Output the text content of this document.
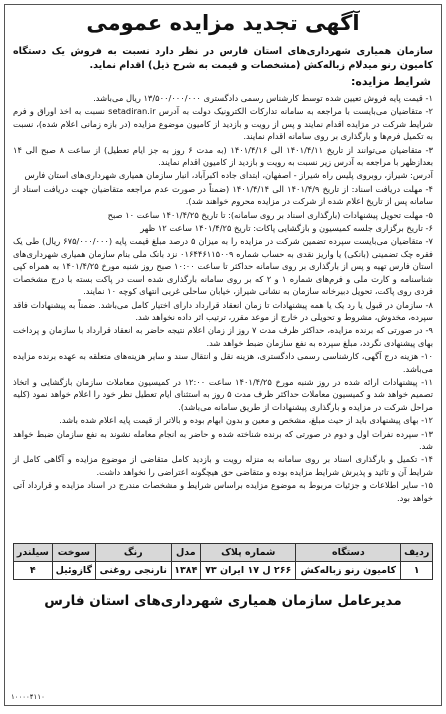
آگهی تجدید مزایده عمومی
سازمان همیاری شهرداری‌های استان فارس در نظر دارد نسبت به فروش یک دستگاه کامیون رنو میدلام زباله‌کش (مشخصات و قیمت به شرح ذیل) اقدام نماید.
شرایط مزایده:

۱- قیمت پایه فروش تعیین شده توسط کارشناس رسمی دادگستری ۱۳/۵۰۰/۰۰۰/۰۰۰ ریال می‌باشد.

۲- متقاضیان می‌بایست با مراجعه به سامانه تدارکات الکترونیک دولت به آدرس setadiran.ir نسبت به اخذ اوراق و فرم شرایط شرکت در مزایده اقدام نمایند و پس از رویت و بازدید از کامیون موضوع مزایده (در بازه زمانی اعلام شده)، نسبت به تکمیل فرم‌ها و بارگذاری بر روی سامانه اقدام نمایند.

۳- متقاضیان می‌توانند از تاریخ ۱۴۰۱/۴/۱۱ الی ۱۴۰۱/۴/۱۶ (به مدت ۶ روز به جز ایام تعطیل) از ساعت ۸ صبح الی ۱۴ بعدازظهر با مراجعه به آدرس زیر نسبت به رویت و بازدید از کامیون اقدام نمایند.

آدرس: شیراز، روبروی پلیس راه شیراز - اصفهان، ابتدای جاده اکبرآباد، انبار سازمان همیاری شهرداری‌های استان فارس

۴- مهلت دریافت اسناد: از تاریخ ۱۴۰۱/۴/۹ الی ۱۴۰۱/۴/۱۴ (ضمناً در صورت عدم مراجعه متقاضیان جهت دریافت اسناد از سامانه پس از تاریخ اعلام شده از شرکت در مزایده محروم خواهند شد).

۵- مهلت تحویل پیشنهادات (بارگذاری اسناد بر روی سامانه): تا تاریخ ۱۴۰۱/۴/۲۵ ساعت ۱۰ صبح

۶- تاریخ برگزاری جلسه کمیسیون و بازگشایی پاکات: تاریخ ۱۴۰۱/۴/۲۵ ساعت ۱۲ ظهر

۷- متقاضیان می‌بایست سپرده تضمین شرکت در مزایده را به میزان ۵ درصد مبلغ قیمت پایه (۶۷۵/۰۰۰/۰۰۰ ریال) طی یک فقره چک تضمینی (بانکی) یا واریز نقدی به حساب شماره ۰۱۶۴۴۶۱۱۵۰۰۹ نزد بانک ملی بنام سازمان همیاری شهرداری‌های استان فارس تهیه و پس از بارگذاری بر روی سامانه حداکثر تا ساعت ۱۰:۰۰ صبح روز شنبه مورخ ۱۴۰۱/۴/۲۵ به همراه کپی شناسنامه و کارت ملی و فرم‌های شماره ۱ و ۲ که بر روی سامانه بارگذاری شده است در پاکت بسته با درج مشخصات فردی روی پاکت، تحویل دبیرخانه سازمان به نشانی شیراز، خیابان ساحلی غربی انتهای کوچه ۱۰ نمایند.

۸- سازمان در قبول یا رد یک یا همه پیشنهادات تا زمان انعقاد قرارداد دارای اختیار کامل می‌باشد. ضمناً به پیشنهادات فاقد سپرده، مخدوش، مشروط و تحویلی در خارج از موعد مقرر، ترتیب اثر داده نخواهد شد.

۹- در صورتی که برنده مزایده، حداکثر ظرف مدت ۷ روز از زمان اعلام نتیجه حاضر به انعقاد قرارداد با سازمان و پرداخت بهای پیشنهادی نگردد، مبلغ سپرده به نفع سازمان ضبط خواهد شد.

۱۰- هزینه درج آگهی، کارشناسی رسمی دادگستری، هزینه نقل و انتقال سند و سایر هزینه‌های متعلقه به عهده برنده مزایده می‌باشد.

۱۱- پیشنهادات ارائه شده در روز شنبه مورخ ۱۴۰۱/۴/۲۵ ساعت ۱۲:۰۰ در کمیسیون معاملات سازمان بازگشایی و اتخاذ تصمیم خواهد شد و کمیسیون معاملات حداکثر ظرف مدت ۵ روز به استثنای ایام تعطیل نظر خود را اعلام خواهد نمود (کلیه مراحل شرکت در مزایده و بارگذاری پیشنهادات از طریق سامانه می‌باشد).

۱۲- بهای پیشنهادی باید از حیث مبلغ، مشخص و معین و بدون ابهام بوده و بالاتر از قیمت پایه اعلام شده باشد.

۱۳- سپرده نفرات اول و دوم در صورتی که برنده شناخته شده و حاضر به انجام معامله نشوند به نفع سازمان ضبط خواهد شد.

۱۴- تکمیل و بارگذاری اسناد بر روی سامانه به منزله رویت و بازدید کامل متقاضی از موضوع مزایده و آگاهی کامل از شرایط آن و تائید و پذیرش شرایط مزایده بوده و متقاضی حق هیچگونه اعتراضی را نخواهد داشت.

۱۵- سایر اطلاعات و جزئیات مربوط به موضوع مزایده براساس شرایط و مشخصات مندرج در اسناد مزایده و قرارداد آتی خواهد بود.

ردیف	دستگاه	شماره پلاک	مدل	رنگ	سوخت	سیلندر
۱	کامیون رنو زباله‌کش	۲۶۶ ل ۱۷ ایران ۷۳	۱۳۸۴	نارنجی روغنی	گازوئیل	۴
مدیرعامل سازمان همیاری شهرداری‌های استان فارس
۱۰۰۰۰۴۱۱۰
